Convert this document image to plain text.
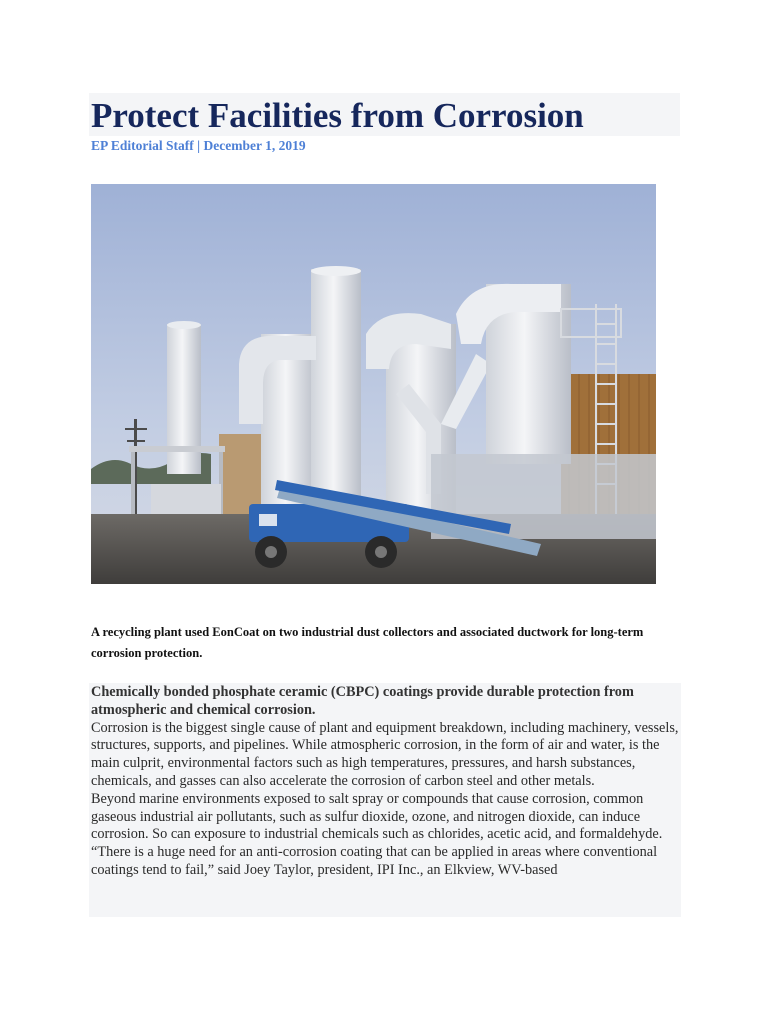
Protect Facilities from Corrosion
EP Editorial Staff | December 1, 2019
A recycling plant used EonCoat on two industrial dust collectors and associated ductwork for long-term corrosion protection.

Chemically bonded phosphate ceramic (CBPC) coatings provide durable protection from atmospheric and chemical corrosion.

Corrosion is the biggest single cause of plant and equipment breakdown, including machinery, vessels, structures, supports, and pipelines. While atmospheric corrosion, in the form of air and water, is the main culprit, environmental factors such as high temperatures, pressures, and harsh substances, chemicals, and gasses can also accelerate the corrosion of carbon steel and other metals.

Beyond marine environments exposed to salt spray or compounds that cause corrosion, common gaseous industrial air pollutants, such as sulfur dioxide, ozone, and nitrogen dioxide, can induce corrosion. So can exposure to industrial chemicals such as chlorides, acetic acid, and formaldehyde.

“There is a huge need for an anti-corrosion coating that can be applied in areas where conventional coatings tend to fail,” said Joey Taylor, president, IPI Inc., an Elkview, WV-based
